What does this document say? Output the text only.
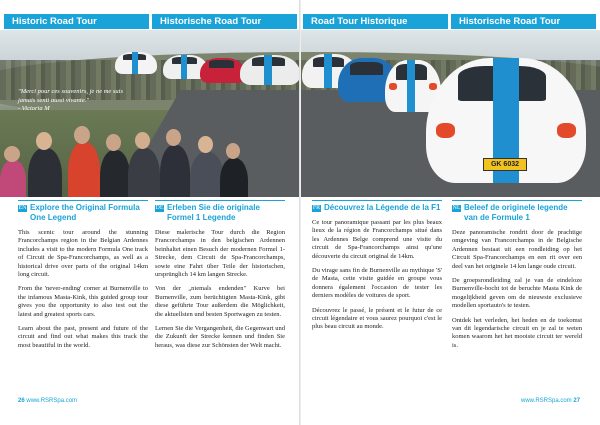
Historic Road Tour	Historische Road Tour	Road Tour Historique	Historische Road Tour
GK 6032
"Merci pour ces souvenirs, je ne me suis
jamais senti aussi vivante."
- Victoria M
EN Explore the Original Formula One Legend

This scenic tour around the stunning Francorchamps region in the Belgian Ardennes includes a visit to the modern Formula One track of Circuit de Spa-Francorchamps, as well as a historical drive over parts of the original 14km long circuit.

From the 'never-ending' corner at Burnenville to the infamous Masta-Kink, this guided group tour gives you the opportunity to also test out the latest and greatest sports cars.

Learn about the past, present and future of the circuit and find out what makes this track the most beautiful in the world.

DE Erleben Sie die originale Formel 1 Legende

Diese malerische Tour durch die Region Francorchamps in den belgischen Ardennen beinhaltet einen Besuch der modernen Formel 1-Strecke, dem Circuit de Spa-Francorchamps, sowie eine Fahrt über Teile der historischen, ursprünglich 14 km langen Strecke.

Von der „niemals endenden" Kurve bei Burnenville, zum berüchtigten Masta-Kink, gibt diese geführte Tour außerdem die Möglichkeit, die aktuellsten und besten Sportwagen zu testen.

Lernen Sie die Vergangenheit, die Gegenwart und die Zukunft der Strecke kennen und finden Sie heraus, was diese zur Schönsten der Welt macht.

FR Découvrez la Légende de la F1

Ce tour panoramique passant par les plus beaux lieux de la région de Francorchamps situé dans les Ardennes Belge comprend une visite du circuit de Spa-Francorchamps ainsi qu'une découverte du circuit original de 14km.

Du virage sans fin de Burnenville au mythique 'S' de Masta, cette visite guidée en groupe vous donnera également l'occasion de tester les derniers modèles de voitures de sport.

Découvrez le passé, le présent et le futur de ce circuit légendaire et vous saurez pourquoi c'est le plus beau circuit au monde.

NL Beleef de originele legende van de Formule 1

Deze panoramische rondrit door de prachtige omgeving van Francorchamps in de Belgische Ardennen bestaat uit een rondleiding op het Circuit Spa-Francorchamps en een rit over een deel van het originele 14 km lange oude circuit.

De groepsrondleiding zal je van de eindeloze Burnenville-bocht tot de beruchte Masta Kink de mogelijkheid geven om de nieuwste exclusieve modellen sportauto's te testen.

Ontdek het verleden, het heden en de toekomst van dit legendarische circuit en je zal te weten komen waarom het het mooiste circuit ter wereld is.

26 www.RSRSpa.com	www.RSRSpa.com 27
